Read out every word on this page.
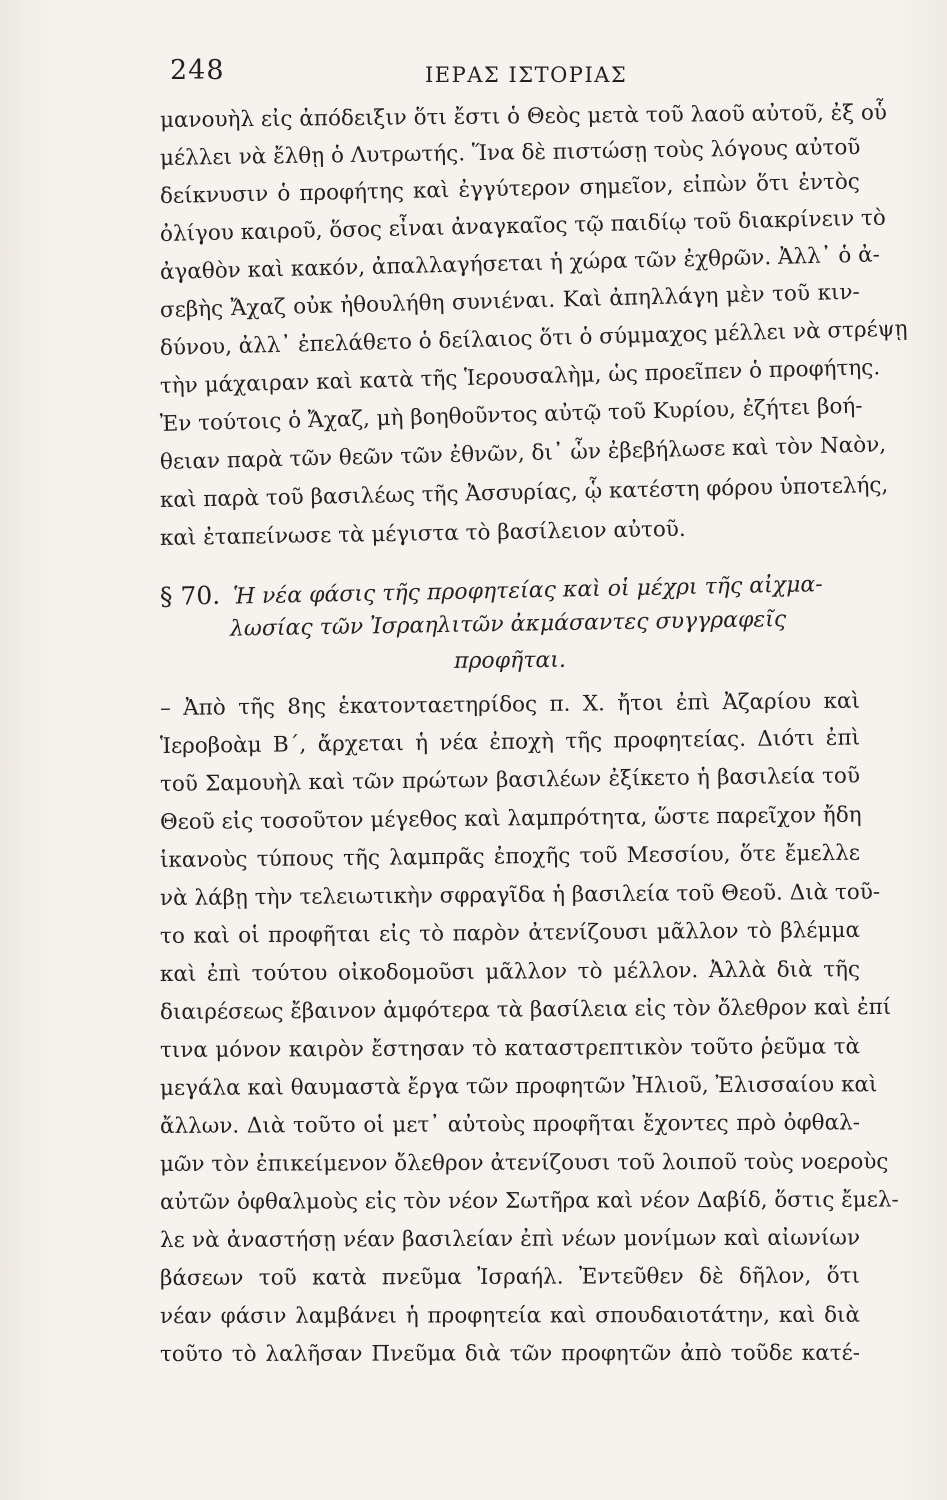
248	ΙΕΡΑΣ ΙΣΤΟΡΙΑΣ
μανουὴλ εἰς ἀπόδειξιν ὅτι ἔστι ὁ Θεὸς μετὰ τοῦ λαοῦ αὐτοῦ, ἐξ οὗ
μέλλει νὰ ἔλθῃ ὁ Λυτρωτής. Ἵνα δὲ πιστώσῃ τοὺς λόγους αὐτοῦ
δείκνυσιν ὁ προφήτης καὶ ἐγγύτερον σημεῖον, εἰπὼν ὅτι ἐντὸς
ὀλίγου καιροῦ, ὅσος εἶναι ἀναγκαῖος τῷ παιδίῳ τοῦ διακρίνειν τὸ
ἀγαθὸν καὶ κακόν, ἀπαλλαγήσεται ἡ χώρα τῶν ἐχθρῶν. Ἀλλ᾽ ὁ ἀ-
σεβὴς Ἄχαζ οὐκ ἠθουλήθη συνιέναι. Καὶ ἀπηλλάγη μὲν τοῦ κιν-
δύνου, ἀλλ᾽ ἐπελάθετο ὁ δείλαιος ὅτι ὁ σύμμαχος μέλλει νὰ στρέψῃ
τὴν μάχαιραν καὶ κατὰ τῆς Ἱερουσαλὴμ, ὡς προεῖπεν ὁ προφήτης.
Ἐν τούτοις ὁ Ἄχαζ, μὴ βοηθοῦντος αὐτῷ τοῦ Κυρίου, ἐζήτει βοή-
θειαν παρὰ τῶν θεῶν τῶν ἐθνῶν, δι᾽ ὧν ἐβεβήλωσε καὶ τὸν Ναὸν,
καὶ παρὰ τοῦ βασιλέως τῆς Ἀσσυρίας, ᾧ κατέστη φόρου ὑποτελής,
καὶ ἐταπείνωσε τὰ μέγιστα τὸ βασίλειον αὐτοῦ.
§ 70. Ἡ νέα φάσις τῆς προφητείας καὶ οἱ μέχρι τῆς αἰχμα-
λωσίας τῶν Ἰσραηλιτῶν ἀκμάσαντες συγγραφεῖς
προφῆται.
– Ἀπὸ τῆς 8ης ἑκατονταετηρίδος π. Χ. ἤτοι ἐπὶ Ἀζαρίου καὶ
Ἱεροβοὰμ Β΄, ἄρχεται ἡ νέα ἐποχὴ τῆς προφητείας. Διότι ἐπὶ
τοῦ Σαμουὴλ καὶ τῶν πρώτων βασιλέων ἐξίκετο ἡ βασιλεία τοῦ
Θεοῦ εἰς τοσοῦτον μέγεθος καὶ λαμπρότητα, ὥστε παρεῖχον ἤδη
ἱκανοὺς τύπους τῆς λαμπρᾶς ἐποχῆς τοῦ Μεσσίου, ὅτε ἔμελλε
νὰ λάβῃ τὴν τελειωτικὴν σφραγῖδα ἡ βασιλεία τοῦ Θεοῦ. Διὰ τοῦ-
το καὶ οἱ προφῆται εἰς τὸ παρὸν ἀτενίζουσι μᾶλλον τὸ βλέμμα
καὶ ἐπὶ τούτου οἰκοδομοῦσι μᾶλλον τὸ μέλλον. Ἀλλὰ διὰ τῆς
διαιρέσεως ἔβαινον ἀμφότερα τὰ βασίλεια εἰς τὸν ὄλεθρον καὶ ἐπί
τινα μόνον καιρὸν ἔστησαν τὸ καταστρεπτικὸν τοῦτο ῥεῦμα τὰ
μεγάλα καὶ θαυμαστὰ ἔργα τῶν προφητῶν Ἠλιοῦ, Ἐλισσαίου καὶ
ἄλλων. Διὰ τοῦτο οἱ μετ᾽ αὐτοὺς προφῆται ἔχοντες πρὸ ὀφθαλ-
μῶν τὸν ἐπικείμενον ὄλεθρον ἀτενίζουσι τοῦ λοιποῦ τοὺς νοεροὺς
αὐτῶν ὀφθαλμοὺς εἰς τὸν νέον Σωτῆρα καὶ νέον Δαβίδ, ὅστις ἔμελ-
λε νὰ ἀναστήσῃ νέαν βασιλείαν ἐπὶ νέων μονίμων καὶ αἰωνίων
βάσεων τοῦ κατὰ πνεῦμα Ἰσραήλ. Ἐντεῦθεν δὲ δῆλον, ὅτι
νέαν φάσιν λαμβάνει ἡ προφητεία καὶ σπουδαιοτάτην, καὶ διὰ
τοῦτο τὸ λαλῆσαν Πνεῦμα διὰ τῶν προφητῶν ἀπὸ τοῦδε κατέ-
